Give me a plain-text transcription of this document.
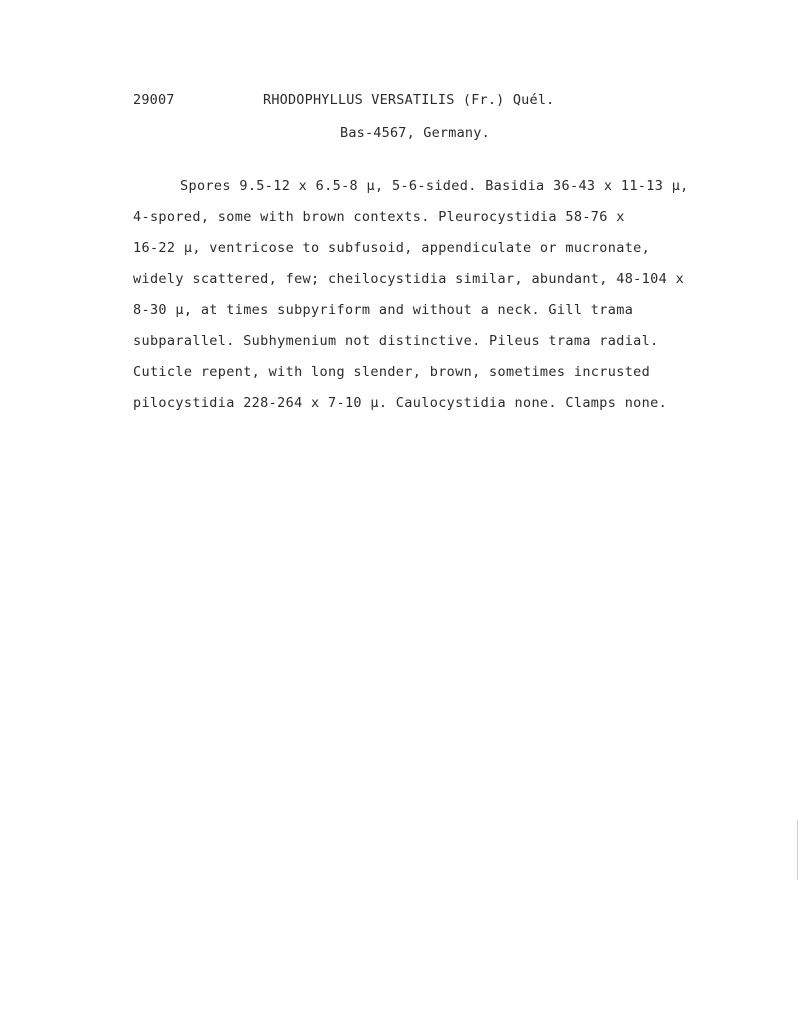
29007	RHODOPHYLLUS VERSATILIS (Fr.) Quél.
Bas-4567, Germany.
Spores 9.5-12 x 6.5-8 µ, 5-6-sided. Basidia 36-43 x 11-13 µ,
4-spored, some with brown contexts. Pleurocystidia 58-76 x
16-22 µ, ventricose to subfusoid, appendiculate or mucronate,
widely scattered, few; cheilocystidia similar, abundant, 48-104 x
8-30 µ, at times subpyriform and without a neck. Gill trama
subparallel. Subhymenium not distinctive. Pileus trama radial.
Cuticle repent, with long slender, brown, sometimes incrusted
pilocystidia 228-264 x 7-10 µ. Caulocystidia none. Clamps none.
